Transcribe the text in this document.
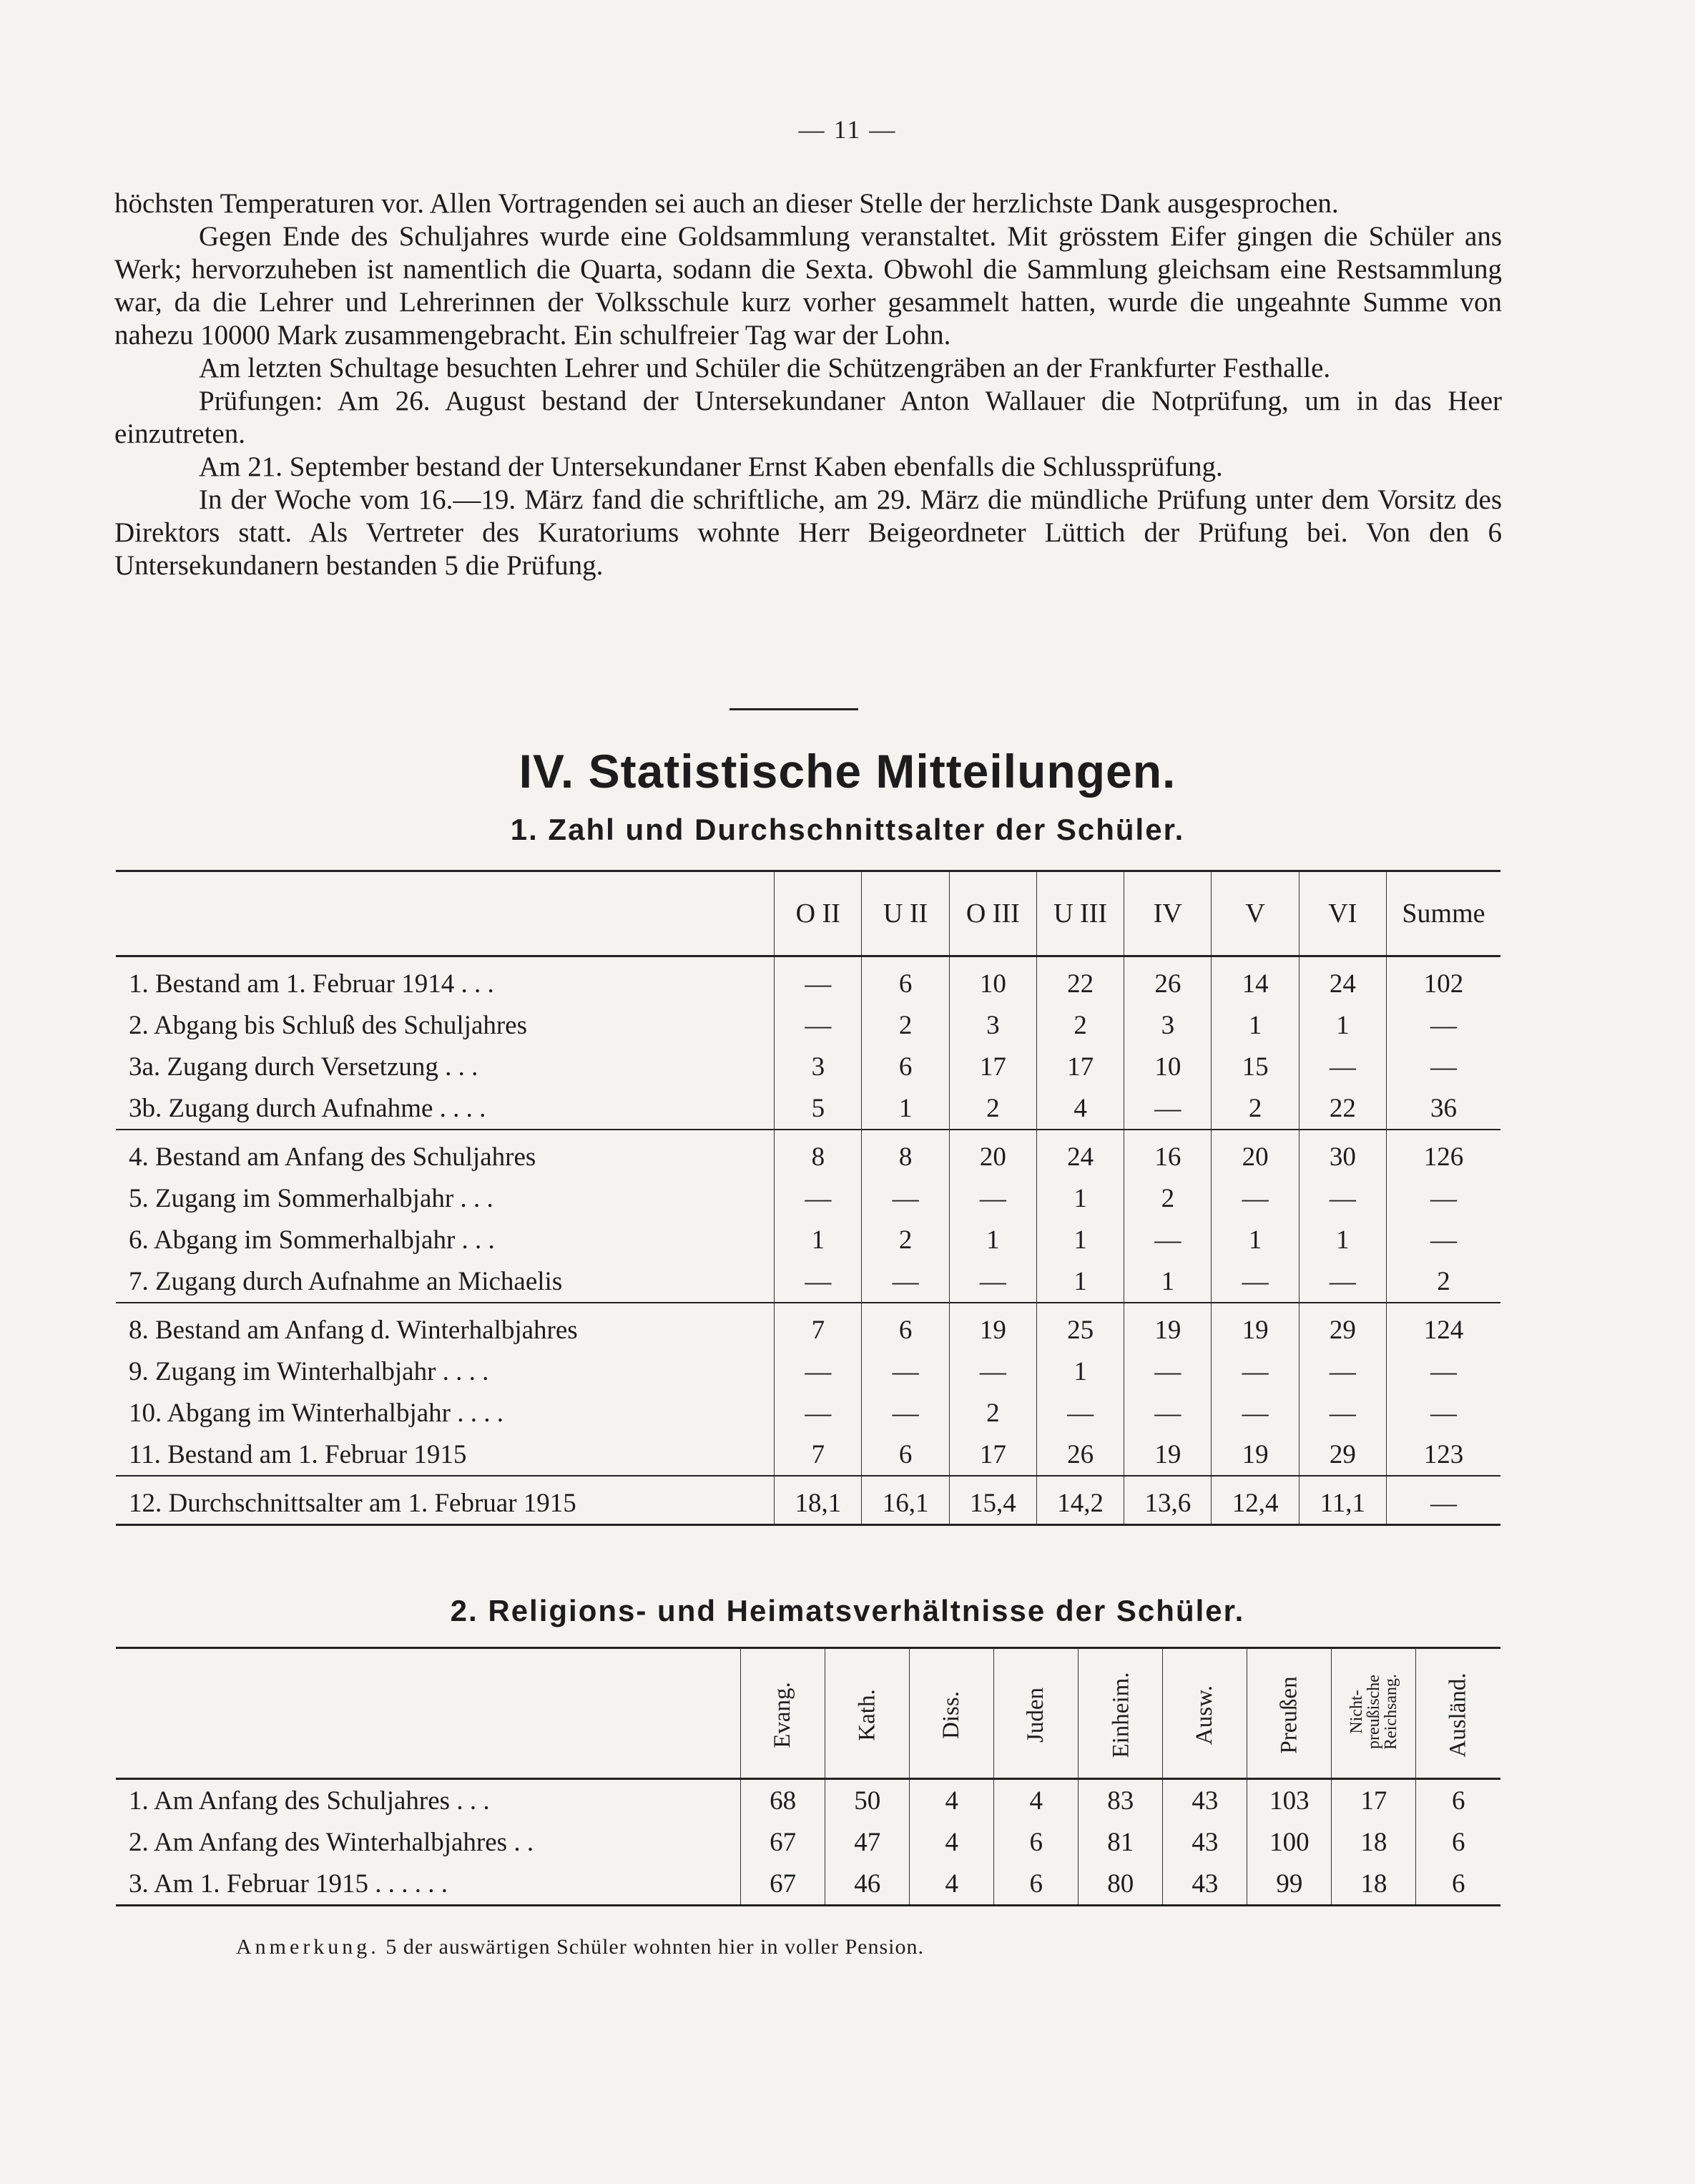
— 11 —

höchsten Temperaturen vor. Allen Vortragenden sei auch an dieser Stelle der herzlichste Dank ausgesprochen.

Gegen Ende des Schuljahres wurde eine Goldsammlung veranstaltet. Mit grösstem Eifer gingen die Schüler ans Werk; hervorzuheben ist namentlich die Quarta, sodann die Sexta. Obwohl die Sammlung gleichsam eine Restsammlung war, da die Lehrer und Lehrerinnen der Volksschule kurz vorher gesammelt hatten, wurde die ungeahnte Summe von nahezu 10000 Mark zusammengebracht. Ein schulfreier Tag war der Lohn.

Am letzten Schultage besuchten Lehrer und Schüler die Schützengräben an der Frankfurter Festhalle.

Prüfungen: Am 26. August bestand der Untersekundaner Anton Wallauer die Notprüfung, um in das Heer einzutreten.

Am 21. September bestand der Untersekundaner Ernst Kaben ebenfalls die Schlussprüfung.

In der Woche vom 16.—19. März fand die schriftliche, am 29. März die mündliche Prüfung unter dem Vorsitz des Direktors statt. Als Vertreter des Kuratoriums wohnte Herr Beigeordneter Lüttich der Prüfung bei. Von den 6 Untersekundanern bestanden 5 die Prüfung.

IV. Statistische Mitteilungen.
1. Zahl und Durchschnittsalter der Schüler.
	O II	U II	O III	U III	IV	V	VI	Summe
1. Bestand am 1. Februar 1914 . . .	—	6	10	22	26	14	24	102
2. Abgang bis Schluß des Schuljahres	—	2	3	2	3	1	1	—
3a. Zugang durch Versetzung . . .	3	6	17	17	10	15	—	—
3b. Zugang durch Aufnahme . . . .	5	1	2	4	—	2	22	36
4. Bestand am Anfang des Schuljahres	8	8	20	24	16	20	30	126
5. Zugang im Sommerhalbjahr . . .	—	—	—	1	2	—	—	—
6. Abgang im Sommerhalbjahr . . .	1	2	1	1	—	1	1	—
7. Zugang durch Aufnahme an Michaelis	—	—	—	1	1	—	—	2
8. Bestand am Anfang d. Winterhalbjahres	7	6	19	25	19	19	29	124
9. Zugang im Winterhalbjahr . . . .	—	—	—	1	—	—	—	—
10. Abgang im Winterhalbjahr . . . .	—	—	2	—	—	—	—	—
11. Bestand am 1. Februar 1915	7	6	17	26	19	19	29	123
12. Durchschnittsalter am 1. Februar 1915	18,1	16,1	15,4	14,2	13,6	12,4	11,1	—
2. Religions- und Heimatsverhältnisse der Schüler.
	Evang.	Kath.	Diss.	Juden	Einheim.	Ausw.	Preußen	Nicht-
preußische
Reichsang.	Ausländ.
1. Am Anfang des Schuljahres . . .	68	50	4	4	83	43	103	17	6
2. Am Anfang des Winterhalbjahres . .	67	47	4	6	81	43	100	18	6
3. Am 1. Februar 1915 . . . . . .	67	46	4	6	80	43	99	18	6
Anmerkung. 5 der auswärtigen Schüler wohnten hier in voller Pension.
